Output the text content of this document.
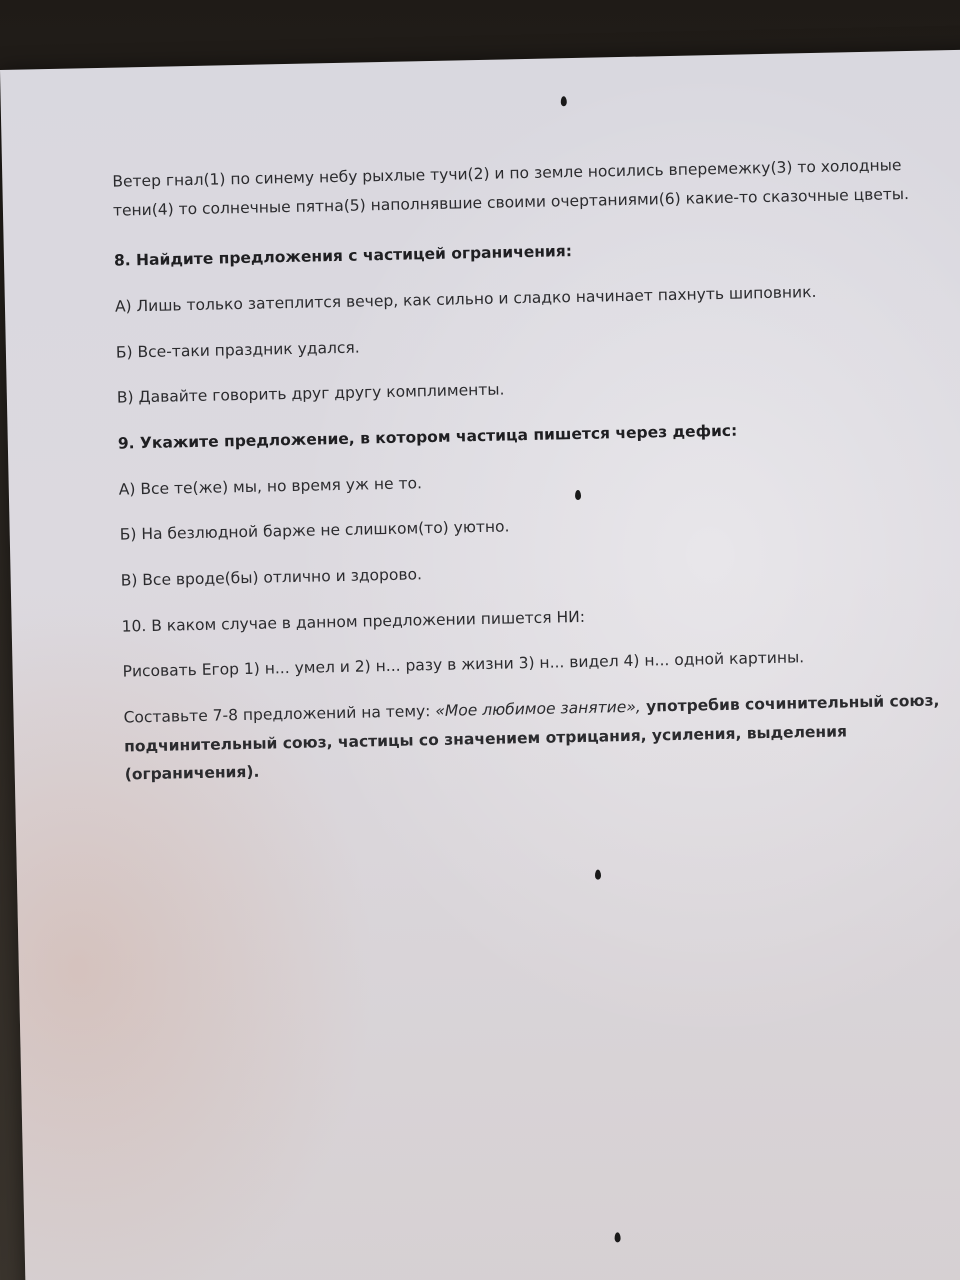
Ветер гнал(1) по синему небу рыхлые тучи(2) и по земле носились вперемежку(3) то холодные тени(4) то солнечные пятна(5) наполнявшие своими очертаниями(6) какие-то сказочные цветы.

8. Найдите предложения с частицей ограничения:

А) Лишь только затеплится вечер, как сильно и сладко начинает пахнуть шиповник.

Б) Все-таки праздник удался.

В) Давайте говорить друг другу комплименты.

9. Укажите предложение, в котором частица пишется через дефис:

А) Все те(же) мы, но время уж не то.

Б) На безлюдной барже не слишком(то) уютно.

В) Все вроде(бы) отлично и здорово.

10. В каком случае в данном предложении пишется НИ:

Рисовать Егор 1) н... умел и 2) н... разу в жизни 3) н... видел 4) н... одной картины.

Составьте 7-8 предложений на тему: «Мое любимое занятие», употребив сочинительный союз, подчинительный союз, частицы со значением отрицания, усиления, выделения (ограничения).
